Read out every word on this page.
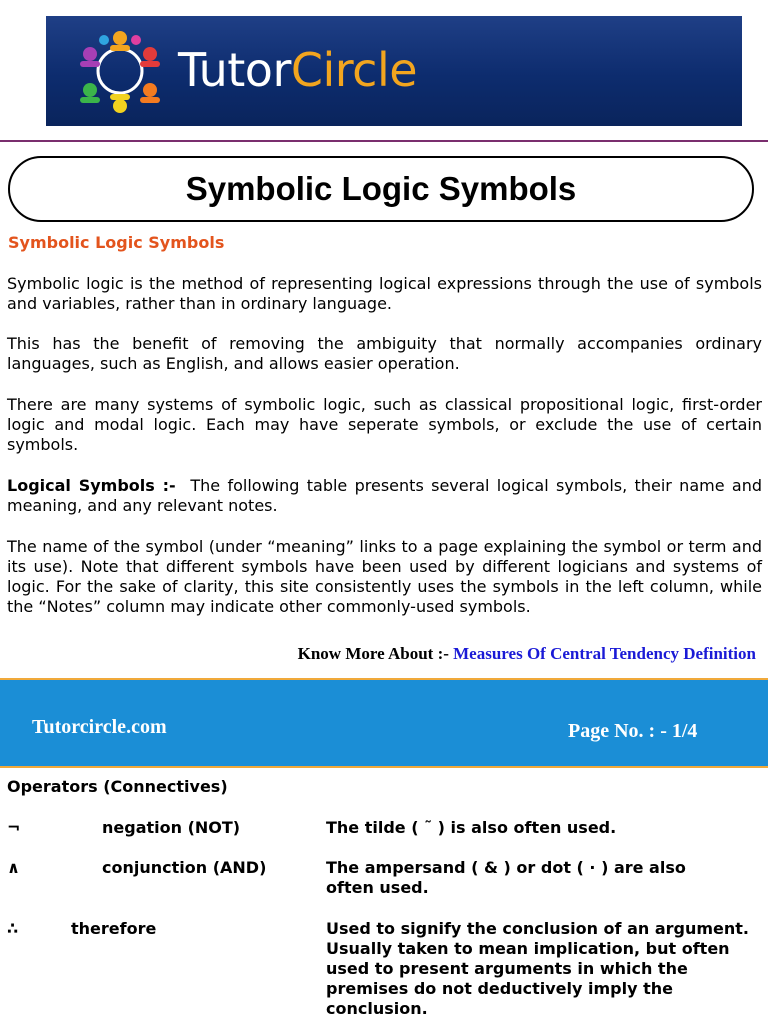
TutorCircle
Symbolic Logic Symbols
Symbolic Logic Symbols

Symbolic logic is the method of representing logical expressions through the use of symbols and variables, rather than in ordinary language.

This has the benefit of removing the ambiguity that normally accompanies ordinary languages, such as English, and allows easier operation.

There are many systems of symbolic logic, such as classical propositional logic, first-order logic and modal logic. Each may have seperate symbols, or exclude the use of certain symbols.

Logical Symbols :- The following table presents several logical symbols, their name and meaning, and any relevant notes.

The name of the symbol (under “meaning” links to a page explaining the symbol or term and its use). Note that different symbols have been used by different logicians and systems of logic. For the sake of clarity, this site consistently uses the symbols in the left column, while the “Notes” column may indicate other commonly-used symbols.

Know More About :- Measures Of Central Tendency Definition
Tutorcircle.com	Page No. : - 1/4
Operators (Connectives)
¬	negation (NOT)	The tilde ( ˜ ) is also often used.
∧	conjunction (AND)	The ampersand ( & ) or dot ( · ) are also often used.
∴	therefore	Used to signify the conclusion of an argument. Usually taken to mean implication, but often used to present arguments in which the premises do not deductively imply the conclusion.
